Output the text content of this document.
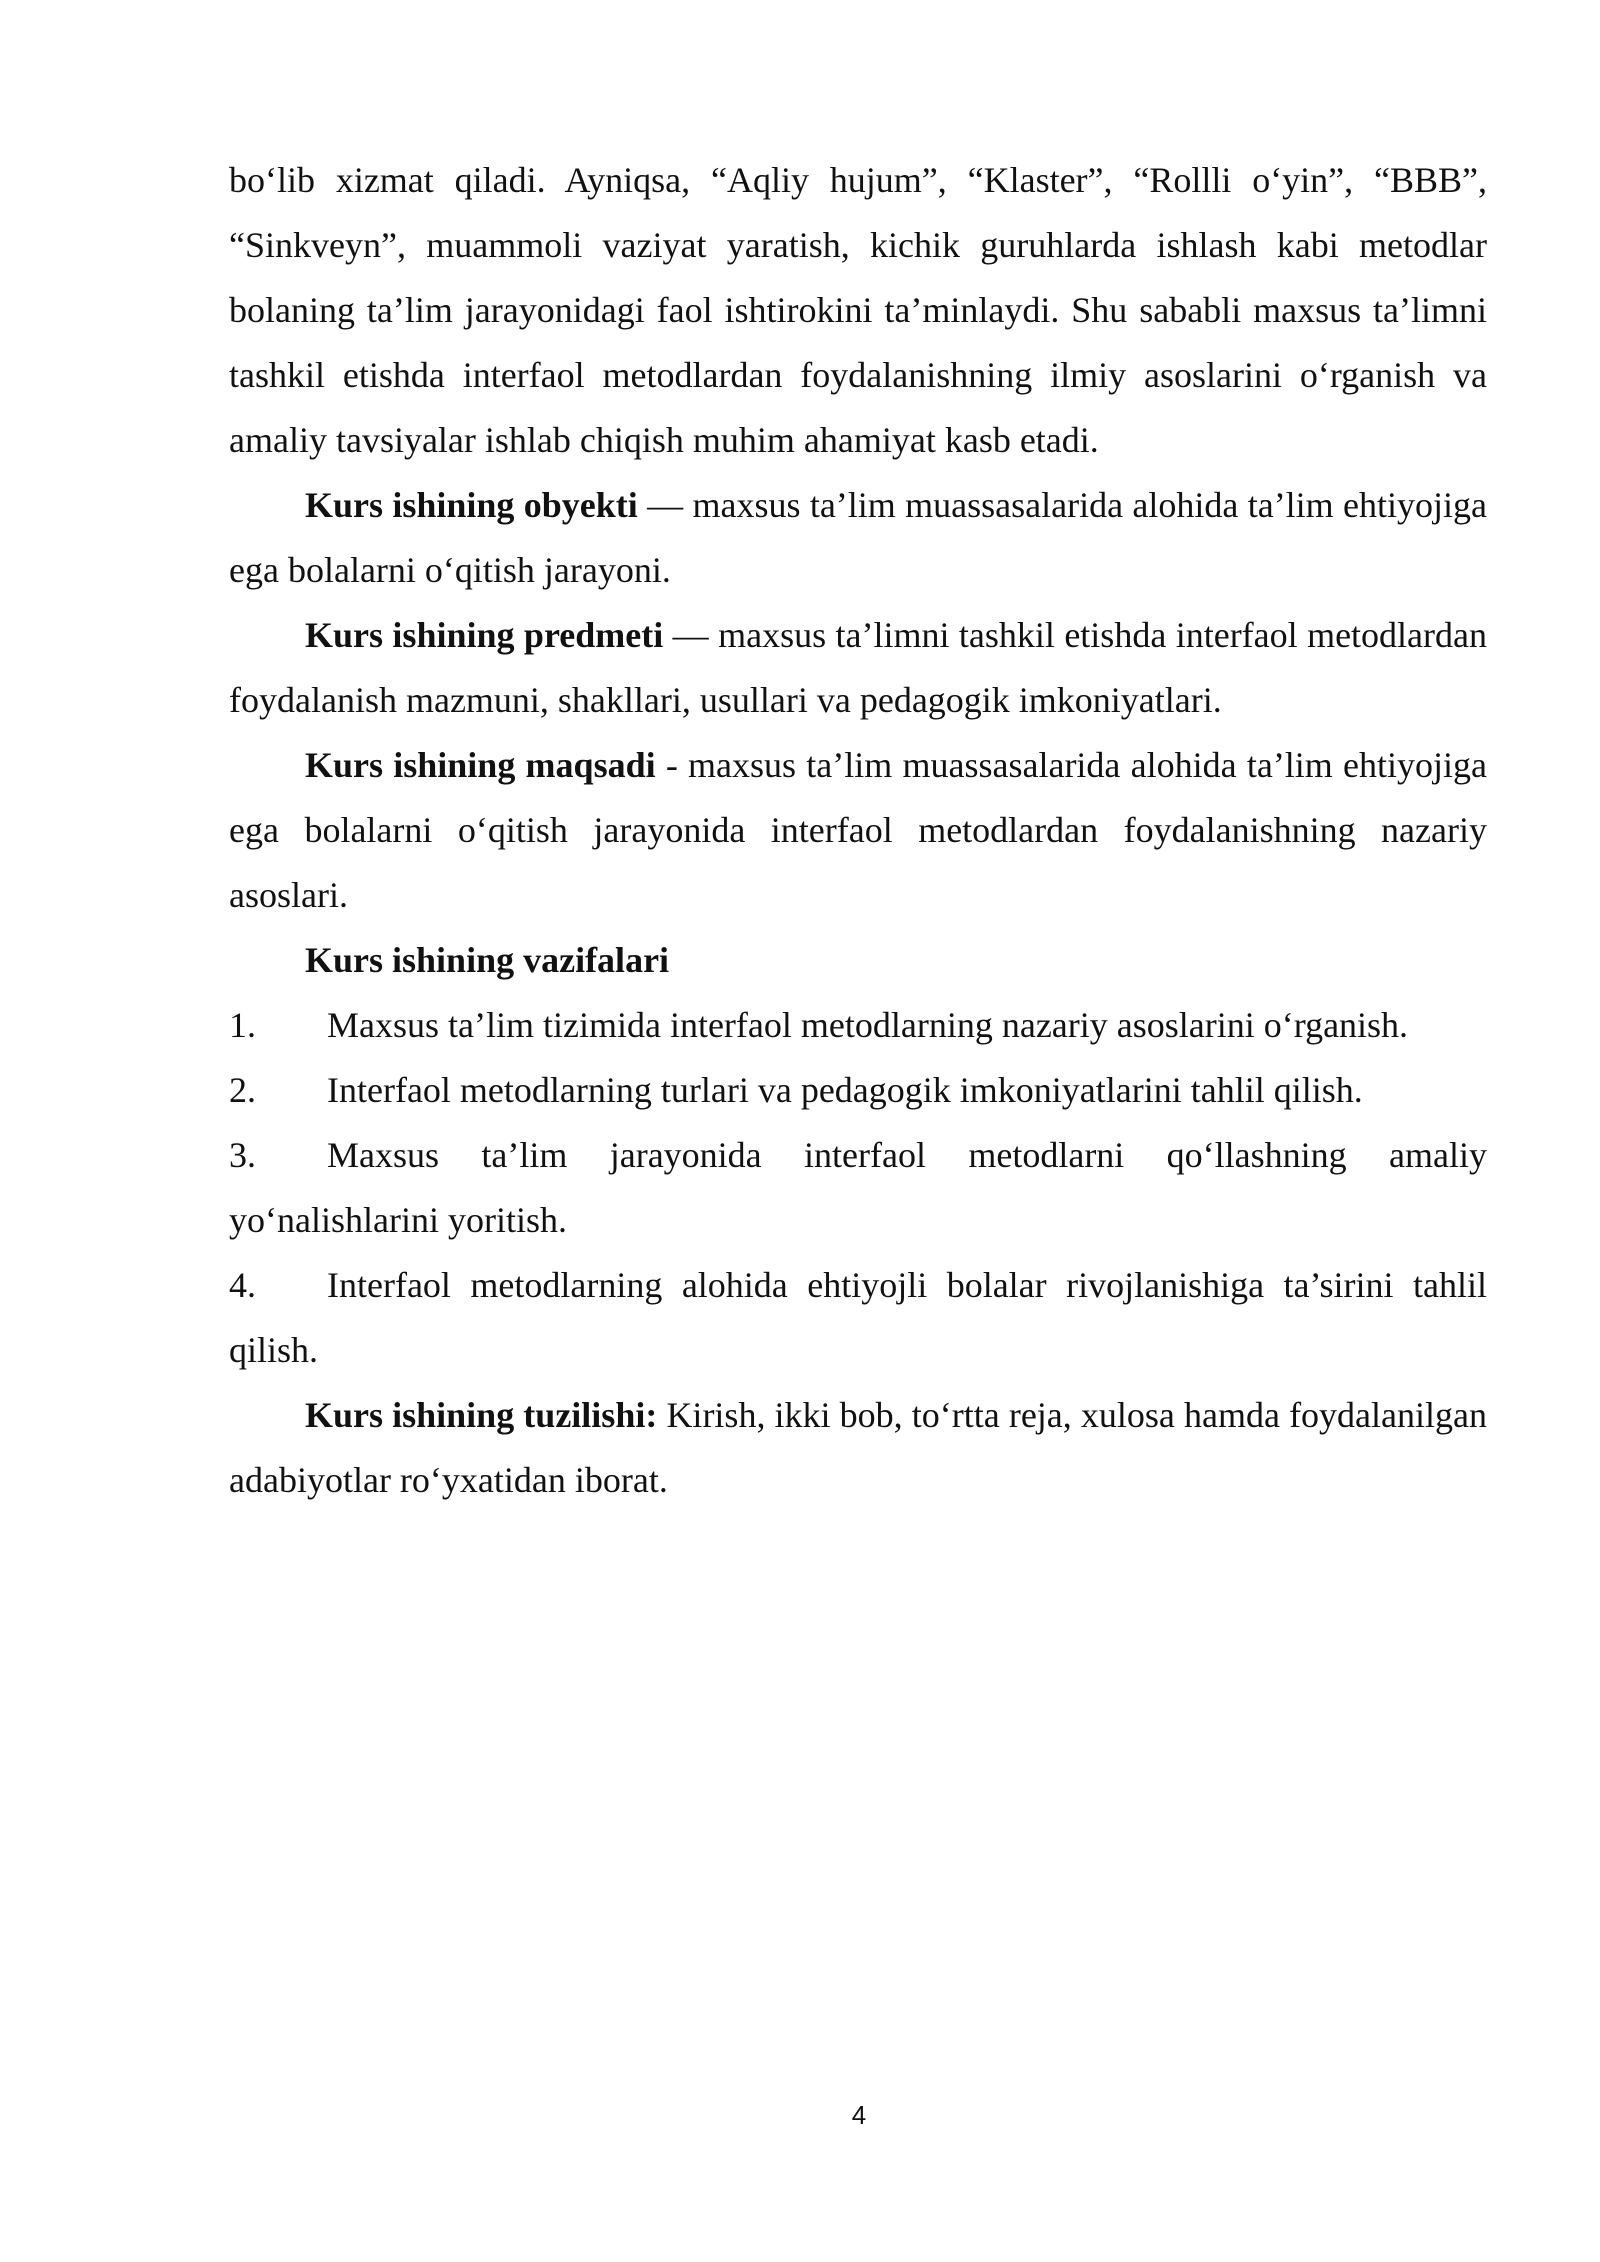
bo‘lib xizmat qiladi. Ayniqsa, “Aqliy hujum”, “Klaster”, “Rollli o‘yin”, “BBB”, “Sinkveyn”, muammoli vaziyat yaratish, kichik guruhlarda ishlash kabi metodlar bolaning ta’lim jarayonidagi faol ishtirokini ta’minlaydi. Shu sababli maxsus ta’limni tashkil etishda interfaol metodlardan foydalanishning ilmiy asoslarini o‘rganish va amaliy tavsiyalar ishlab chiqish muhim ahamiyat kasb etadi.

Kurs ishining obyekti — maxsus ta’lim muassasalarida alohida ta’lim ehtiyojiga ega bolalarni o‘qitish jarayoni.

Kurs ishining predmeti — maxsus ta’limni tashkil etishda interfaol metodlardan foydalanish mazmuni, shakllari, usullari va pedagogik imkoniyatlari.

Kurs ishining maqsadi - maxsus ta’lim muassasalarida alohida ta’lim ehtiyojiga ega bolalarni o‘qitish jarayonida interfaol metodlardan foydalanishning nazariy asoslari.

Kurs ishining vazifalari

1. Maxsus ta’lim tizimida interfaol metodlarning nazariy asoslarini o‘rganish.

2. Interfaol metodlarning turlari va pedagogik imkoniyatlarini tahlil qilish.

3. Maxsus ta’lim jarayonida interfaol metodlarni qo‘llashning amaliy yo‘nalishlarini yoritish.

4. Interfaol metodlarning alohida ehtiyojli bolalar rivojlanishiga ta’sirini tahlil qilish.

Kurs ishining tuzilishi: Kirish, ikki bob, to‘rtta reja, xulosa hamda foydalanilgan adabiyotlar ro‘yxatidan iborat.

4
